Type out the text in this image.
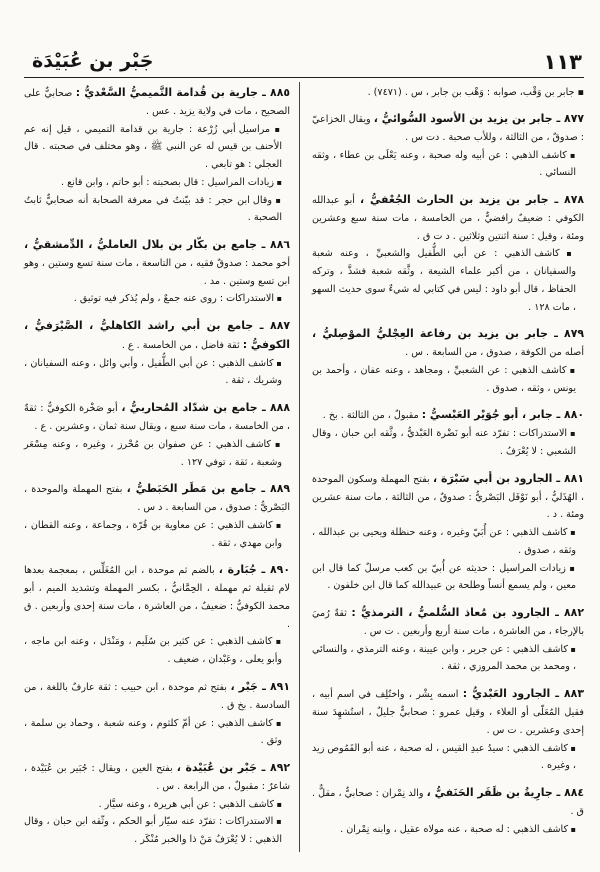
١١٣
جَبْر بن عُبَيْدَة
▪ جابر بن وَقْب، صوابه : وَهْب بن جابر ، س . (٧٤٧١) .
٨٧٧ ـ جابر بن يزيد بن الأسود السُّوائيُّ ، ويقال الخزاعيّ : صدوقٌ ، من الثالثة ، وللأب صحبة . دت س .
▪ كاشف الذهبي : عن أبيه وله صحبة ، وعنه يَعْلَى بن عطاء ، وثقه النسائي .
٨٧٨ ـ جابر بن يزيد بن الحارث الجُعْفيُّ ، أبو عبدالله الكوفي : ضعيفٌ رافضيٌّ ، من الخامسة ، مات سنة سبع وعشرين ومئة ، وقيل : سنة اثنتين وثلاثين . د ت ق .
▪ كاشف الذهبي : عن أبي الطُّفيل والشعبيِّ ، وعنه شعبة والسفيانان ، من أكبر علماء الشيعة ، وثَّقه شعبة فشذَّ ، وتركه الحفاظ ، قال أبو داود : ليس في كتابي له شيءٌ سوى حديث السهو ، مات ١٢٨ .
٨٧٩ ـ جابر بن يزيد بن رفاعة العِجْليُّ الموْصِليُّ ، أصله من الكوفة ، صدوق ، من السابعة . س .
▪ كاشف الذهبي : عن الشعبيِّ ، ومجاهد ، وعنه عفان ، وأحمد بن يونس ، وثقه ، صدوق .
٨٨٠ ـ جابر ، أبو جُوَيْر العَبْسيُّ : مقبولٌ ، من الثالثة . بخ .
▪ الاستدراكات : تفرّد عنه أبو نَضْرة العَبْديُّ ، وثَّقه ابن حبان ، وقال الشعبي : لا يُعْرَفُ .
٨٨١ ـ الجارود بن أبي سَبْرَة ، بفتح المهملة وسكون الموحدة ، الهُذَليُّ ، أبو نَوْفَل البَصْريُّ : صدوقٌ ، من الثالثة ، مات سنة عشرين ومئة . د .
▪ كاشف الذهبي : عن أُبَيّ وغيره ، وعنه حنظلة ويحيى بن عبدالله ، وثقه ، صدوق .
▪ زيادات المراسيل : حديثه عن أُبيّ بن كعب مرسلٌ كما قال ابن معين ، ولم يسمع أنساً وطلحة بن عبيدالله كما قال ابن خلفون .
٨٨٢ ـ الجارود بن مُعاذ السُّلميُّ ، الترمذيُّ : ثقةٌ رُميَ بالإرجاء ، من العاشرة ، مات سنة أربع وأربعين . ت س .
▪ كاشف الذهبي : عن جرير ، وابن عيينة ، وعنه الترمذي ، والنسائي ، ومحمد بن محمد المروزي ، ثقة .
٨٨٣ ـ الجارود العَبْديُّ : اسمه بِشْر ، واختُلِف في اسم أبيه ، فقيل المُعَلّى أو العلاء ، وقيل عمرو : صحابيٌّ جليلٌ ، استُشهِدَ سنة إحدى وعشرين . ت س .
▪ كاشف الذهبي : سيدُ عبدِ القيس ، له صحبة ، عنه أبو القَمُوص زيد ، وغيره .
٨٨٤ ـ جارِيةُ بن ظَفَر الحَنَفيُّ ، والد نِمْران : صحابيٌّ ، مقلٌّ . ق .
▪ كاشف الذهبي : له صحبة ، عنه مولاه عقيل ، وابنه نِمْران .
٨٨٥ ـ جارية بن قُدامة التَّميميُّ السَّعْديُّ : صحابيٌّ على الصحيح ، مات في ولاية يزيد . عس .
▪ مراسيل أبي زُرْعة : جارية بن قدامة التميمي ، قيل إنه عم الأحنف بن قيس له عن النبي ﷺ ، وهو مختلف في صحبته . قال العجلي : هو تابعي .
▪ زيادات المراسيل : قال بصحبته : أبو حاتم ، وابن قانع .
▪ وقال ابن حجر : قد بيّنتُ في معرفة الصحابة أنه صحابيٌّ ثابتُ الصحبة .
٨٨٦ ـ جامع بن بكّار بن بلال العامليُّ ، الدِّمشقيُّ ، أخو محمد : صدوقٌ فقيه ، من التاسعة ، مات سنة تسع وستين ، وهو ابن تسع وستين . مد .
▪ الاستدراكات : روى عنه جمعٌ ، ولم يُذكر فيه توثيق .
٨٨٧ ـ جامع بن أبي راشد الكاهليُّ ، الصَّيْرَفيُّ ، الكوفيُّ : ثقة فاضل ، من الخامسة . ع .
▪ كاشف الذهبي : عن أبي الطُّفيل ، وأبي وائل ، وعنه السفيانان ، وشريك ، ثقة .
٨٨٨ ـ جامع بن شدّاد المُحاربيُّ ، أبو صَخْرة الكوفيُّ : ثقةٌ ، من الخامسة ، مات سنة سبع ، ويقال سنة ثمان ، وعشرين . ع .
▪ كاشف الذهبي : عن صفوان بن مُحْرز ، وغيره ، وعنه مِسْعَر وشعبة ، ثقة ، توفي ١٢٧ .
٨٨٩ ـ جامع بن مَطَر الحَبَطيُّ ، بفتح المهملة والموحدة ، البَصْريُّ : صدوق ، من السابعة . د س .
▪ كاشف الذهبي : عن معاوية بن قُرّة ، وجماعة ، وعنه القطان ، وابن مهدي ، ثقة .
٨٩٠ ـ جُبَارة ، بالضم ثم موحدة ، ابن المُغَلِّس ، بمعجمة بعدها لام ثقيلة ثم مهملة ، الحِمَّانيُّ ، بكسر المهملة وتشديد الميم ، أبو محمد الكوفيُّ : ضعيفٌ ، من العاشرة ، مات سنة إحدى وأربعين . ق .
▪ كاشف الذهبي : عن كثير بن سُلَيم ، ومَنْدَل ، وعنه ابن ماجه ، وأبو يعلى ، وعَبْدان ، ضعيف .
٨٩١ ـ جَبْر ، بفتح ثم موحدة ، ابن حبيب : ثقة عارفٌ باللغة ، من السادسة . بخ ق .
▪ كاشف الذهبي : عن أمّ كلثوم ، وعنه شعبة ، وحماد بن سلمة ، وثق .
٨٩٢ ـ جَبْر بن عُبَيْدة ، بفتح العين ، ويقال : جُبَير بن عُبَيْدة ، شاعرٌ : مقبولٌ ، من الرابعة . س .
▪ كاشف الذهبي : عن أبي هريرة ، وعنه سيَّار .
▪ الاستدراكات : تفرّد عنه سيّار أبو الحكم ، وثّقه ابن حبان ، وقال الذهبي : لا يُعْرَفُ مَنْ ذا والخبر مُنْكَر .
